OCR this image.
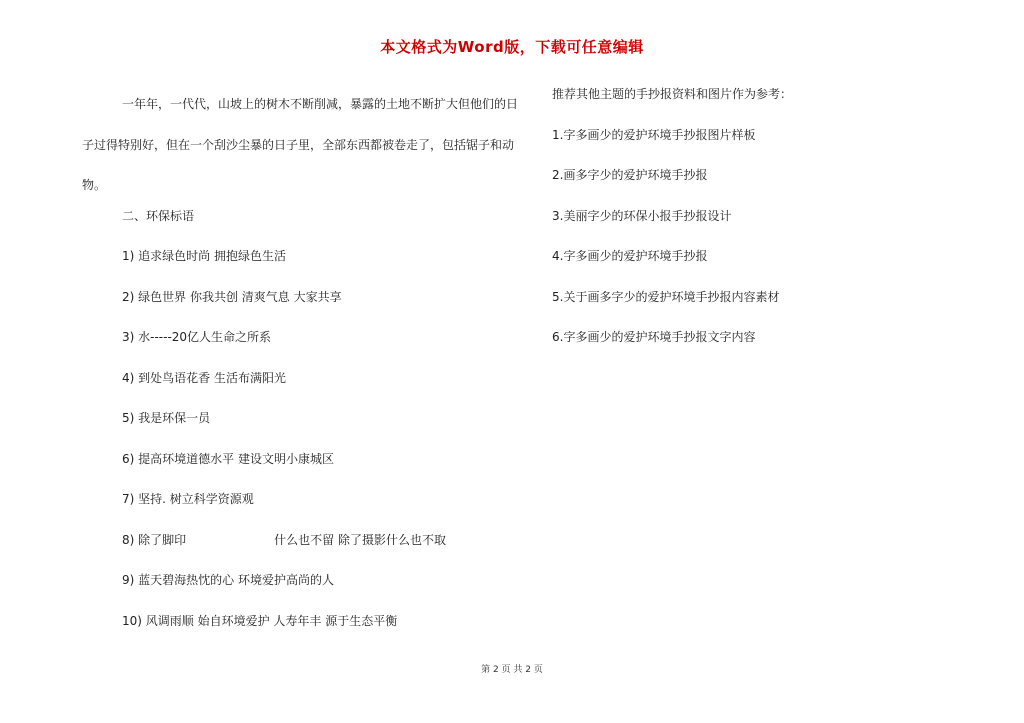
本文格式为Word版，下载可任意编辑

一年年，一代代，山坡上的树木不断削减，暴露的土地不断扩大但他们的日子过得特别好，但在一个刮沙尘暴的日子里，全部东西都被卷走了，包括锯子和动物。

二、环保标语
1) 追求绿色时尚 拥抱绿色生活
2) 绿色世界 你我共创 清爽气息 大家共享
3) 水-----20亿人生命之所系
4) 到处鸟语花香 生活布满阳光
5) 我是环保一员
6) 提高环境道德水平 建设文明小康城区
7) 坚持. 树立科学资源观
8) 除了脚印	什么也不留 除了摄影什么也不取
9) 蓝天碧海热忱的心 环境爱护高尚的人
10) 风调雨顺 始自环境爱护 人寿年丰 源于生态平衡
推荐其他主题的手抄报资料和图片作为参考：
1.字多画少的爱护环境手抄报图片样板
2.画多字少的爱护环境手抄报
3.美丽字少的环保小报手抄报设计
4.字多画少的爱护环境手抄报
5.关于画多字少的爱护环境手抄报内容素材
6.字多画少的爱护环境手抄报文字内容
第 2 页 共 2 页
